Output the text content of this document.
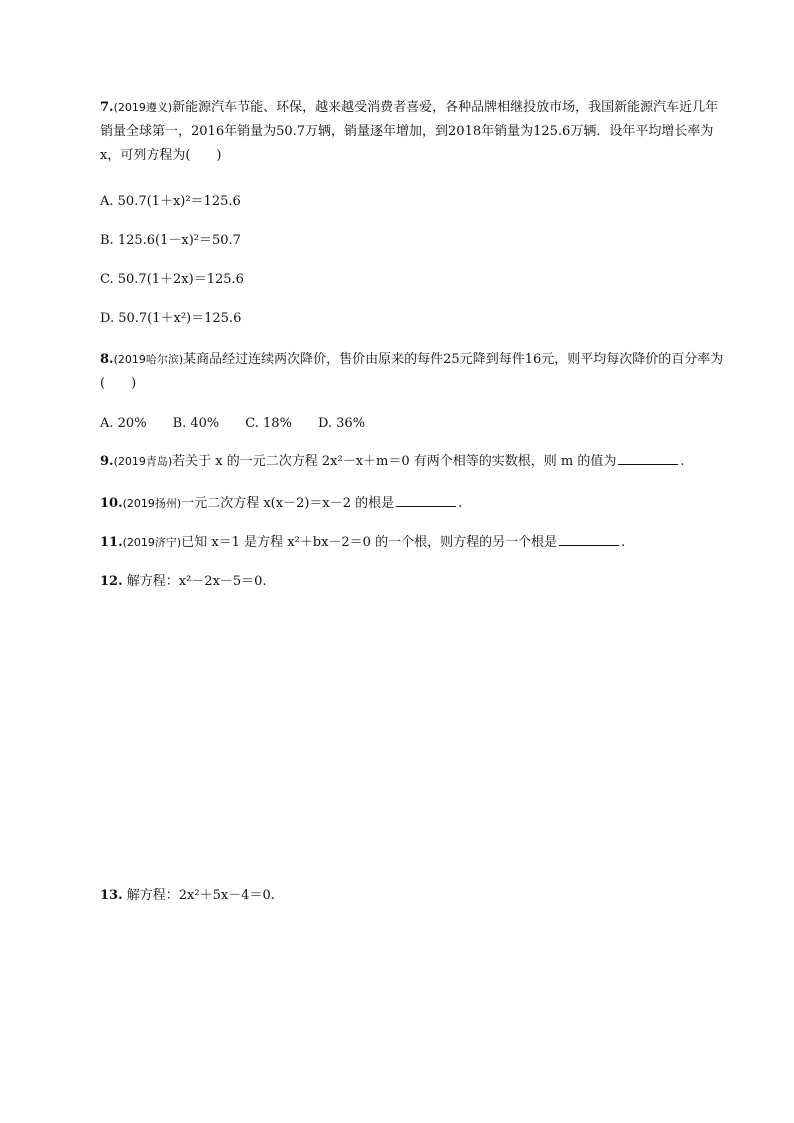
7.(2019遵义)新能源汽车节能、环保，越来越受消费者喜爱，各种品牌相继投放市场，我国新能源汽车近几年销量全球第一，2016年销量为50.7万辆，销量逐年增加，到2018年销量为125.6万辆．设年平均增长率为 x，可列方程为(　　)
A. 50.7(1＋x)²＝125.6
B. 125.6(1－x)²＝50.7
C. 50.7(1＋2x)＝125.6
D. 50.7(1＋x²)＝125.6
8.(2019哈尔滨)某商品经过连续两次降价，售价由原来的每件25元降到每件16元，则平均每次降价的百分率为(　　)
A. 20% B. 40% C. 18% D. 36%
9.(2019青岛)若关于 x 的一元二次方程 2x²－x＋m＝0 有两个相等的实数根，则 m 的值为	.
10.(2019扬州)一元二次方程 x(x－2)＝x－2 的根是	.
11.(2019济宁)已知 x＝1 是方程 x²＋bx－2＝0 的一个根，则方程的另一个根是	.
12. 解方程：x²－2x－5＝0.
13. 解方程：2x²＋5x－4＝0.
